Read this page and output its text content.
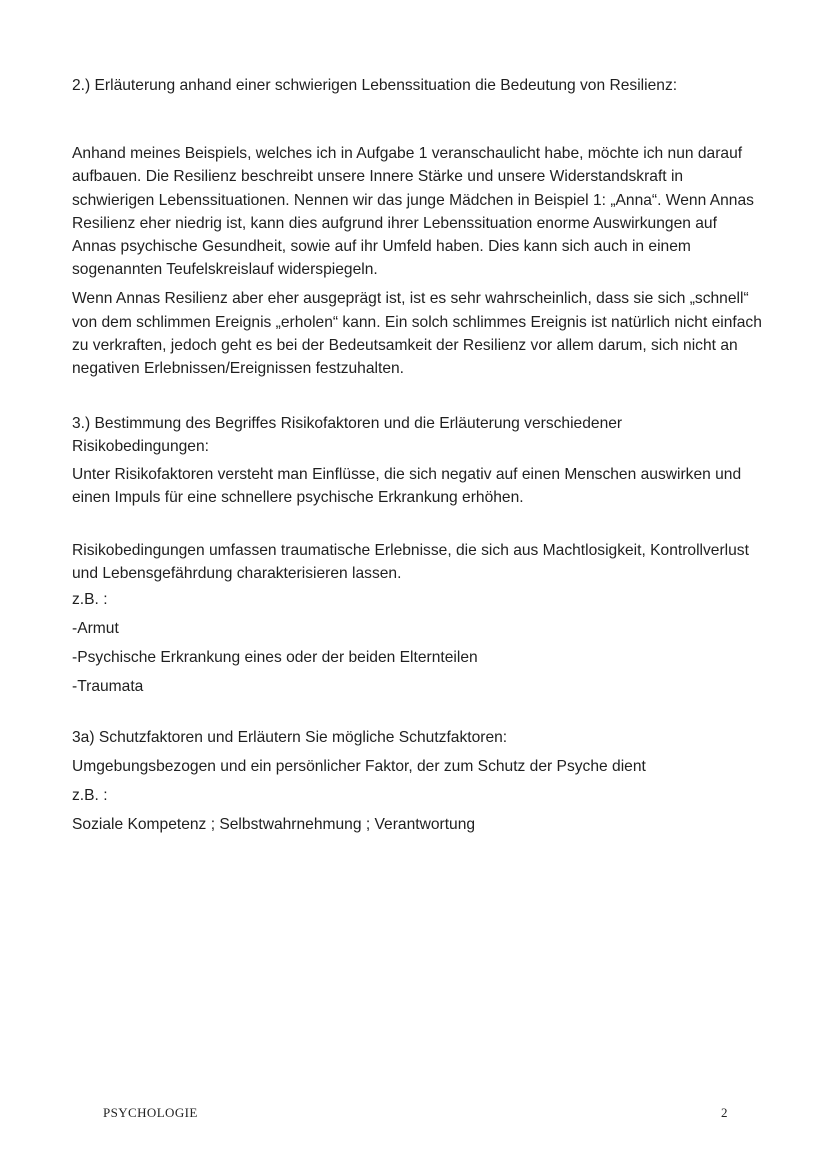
2.) Erläuterung anhand einer schwierigen Lebenssituation die Bedeutung von Resilienz:

Anhand meines Beispiels, welches ich in Aufgabe 1 veranschaulicht habe, möchte ich nun darauf aufbauen. Die Resilienz beschreibt unsere Innere Stärke und unsere Widerstandskraft in schwierigen Lebenssituationen. Nennen wir das junge Mädchen in Beispiel 1: „Anna“. Wenn Annas Resilienz eher niedrig ist, kann dies aufgrund ihrer Lebenssituation enorme Auswirkungen auf Annas psychische Gesundheit, sowie auf ihr Umfeld haben. Dies kann sich auch in einem sogenannten Teufelskreislauf widerspiegeln.

Wenn Annas Resilienz aber eher ausgeprägt ist, ist es sehr wahrscheinlich, dass sie sich „schnell“ von dem schlimmen Ereignis „erholen“ kann. Ein solch schlimmes Ereignis ist natürlich nicht einfach zu verkraften, jedoch geht es bei der Bedeutsamkeit der Resilienz vor allem darum, sich nicht an negativen Erlebnissen/Ereignissen festzuhalten.

3.) Bestimmung des Begriffes Risikofaktoren und die Erläuterung verschiedener Risikobedingungen:

Unter Risikofaktoren versteht man Einflüsse, die sich negativ auf einen Menschen auswirken und einen Impuls für eine schnellere psychische Erkrankung erhöhen.

Risikobedingungen umfassen traumatische Erlebnisse, die sich aus Machtlosigkeit, Kontrollverlust und Lebensgefährdung charakterisieren lassen.

z.B. :

-Armut

-Psychische Erkrankung eines oder der beiden Elternteilen

-Traumata

3a) Schutzfaktoren und Erläutern Sie mögliche Schutzfaktoren:

Umgebungsbezogen und ein persönlicher Faktor, der zum Schutz der Psyche dient

z.B. :

Soziale Kompetenz ; Selbstwahrnehmung ; Verantwortung

PSYCHOLOGIE	2
